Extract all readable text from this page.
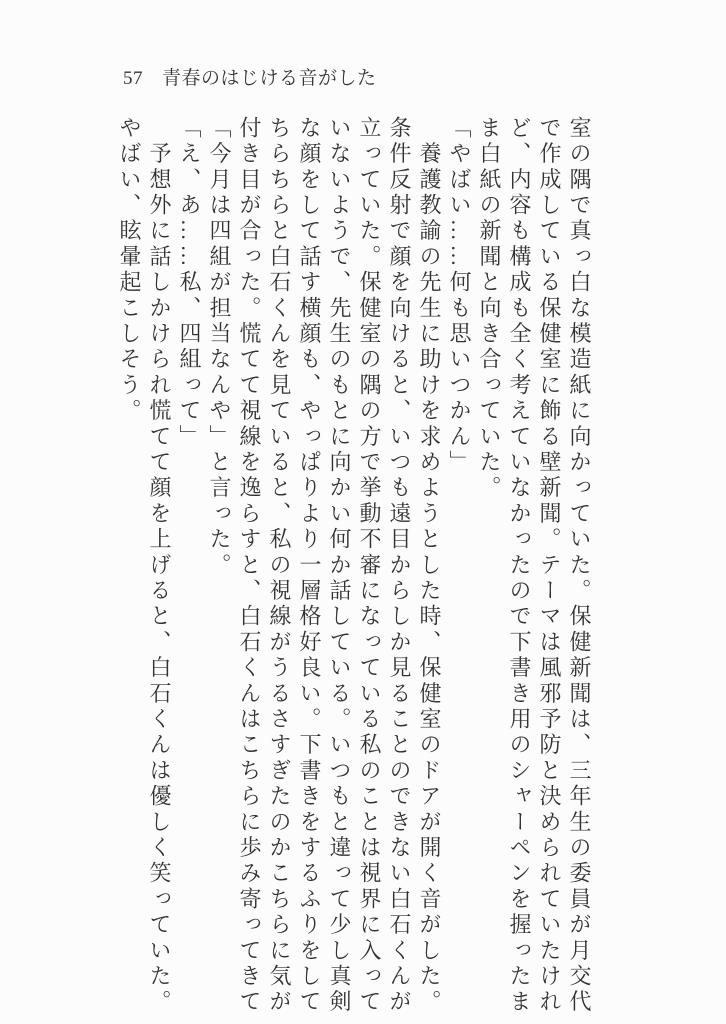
57 青春のはじける音がした

室の隅で真っ白な模造紙に向かっていた。保健新聞は、三年生の委員が月交代

で作成している保健室に飾る壁新聞。テーマは風邪予防と決められていたけれ

ど、内容も構成も全く考えていなかったので下書き用のシャーペンを握ったま

ま白紙の新聞と向き合っていた。

「やばい……何も思いつかん」

　養護教諭の先生に助けを求めようとした時、保健室のドアが開く音がした。

条件反射で顔を向けると、いつも遠目からしか見ることのできない白石くんが

立っていた。保健室の隅の方で挙動不審になっている私のことは視界に入って

いないようで、先生のもとに向かい何か話している。いつもと違って少し真剣

な顔をして話す横顔も、やっぱりより一層格好良い。下書きをするふりをして

ちらちらと白石くんを見ていると、私の視線がうるさすぎたのかこちらに気が

付き目が合った。慌てて視線を逸らすと、白石くんはこちらに歩み寄ってきて

「今月は四組が担当なんや」と言った。

「え、あ……私、四組って」

　予想外に話しかけられ慌てて顔を上げると、白石くんは優しく笑っていた。

やばい、眩暈起こしそう。
